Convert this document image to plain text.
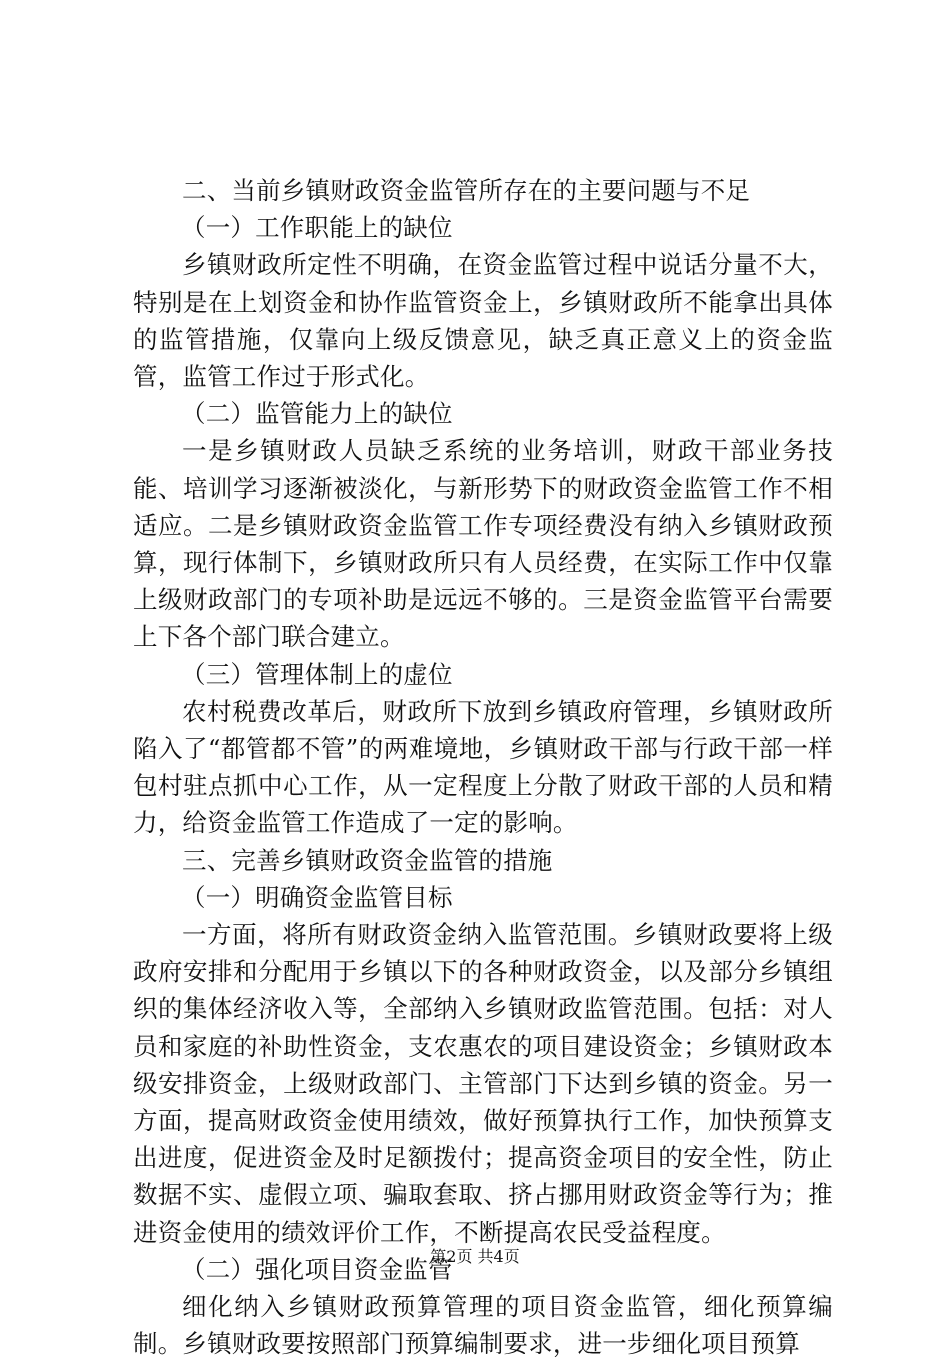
二、当前乡镇财政资金监管所存在的主要问题与不足

（一）工作职能上的缺位

乡镇财政所定性不明确，在资金监管过程中说话分量不大，特别是在上划资金和协作监管资金上，乡镇财政所不能拿出具体的监管措施，仅靠向上级反馈意见，缺乏真正意义上的资金监管，监管工作过于形式化。

（二）监管能力上的缺位

一是乡镇财政人员缺乏系统的业务培训，财政干部业务技能、培训学习逐渐被淡化，与新形势下的财政资金监管工作不相适应。二是乡镇财政资金监管工作专项经费没有纳入乡镇财政预算，现行体制下，乡镇财政所只有人员经费，在实际工作中仅靠上级财政部门的专项补助是远远不够的。三是资金监管平台需要上下各个部门联合建立。

（三）管理体制上的虚位

农村税费改革后，财政所下放到乡镇政府管理，乡镇财政所陷入了“都管都不管”的两难境地，乡镇财政干部与行政干部一样包村驻点抓中心工作，从一定程度上分散了财政干部的人员和精力，给资金监管工作造成了一定的影响。

三、完善乡镇财政资金监管的措施

（一）明确资金监管目标

一方面，将所有财政资金纳入监管范围。乡镇财政要将上级政府安排和分配用于乡镇以下的各种财政资金，以及部分乡镇组织的集体经济收入等，全部纳入乡镇财政监管范围。包括：对人员和家庭的补助性资金，支农惠农的项目建设资金；乡镇财政本级安排资金，上级财政部门、主管部门下达到乡镇的资金。另一方面，提高财政资金使用绩效，做好预算执行工作，加快预算支出进度，促进资金及时足额拨付；提高资金项目的安全性，防止数据不实、虚假立项、骗取套取、挤占挪用财政资金等行为；推进资金使用的绩效评价工作，不断提高农民受益程度。

（二）强化项目资金监管

细化纳入乡镇财政预算管理的项目资金监管，细化预算编制。乡镇财政要按照部门预算编制要求，进一步细化项目预算

第2页 共4页
